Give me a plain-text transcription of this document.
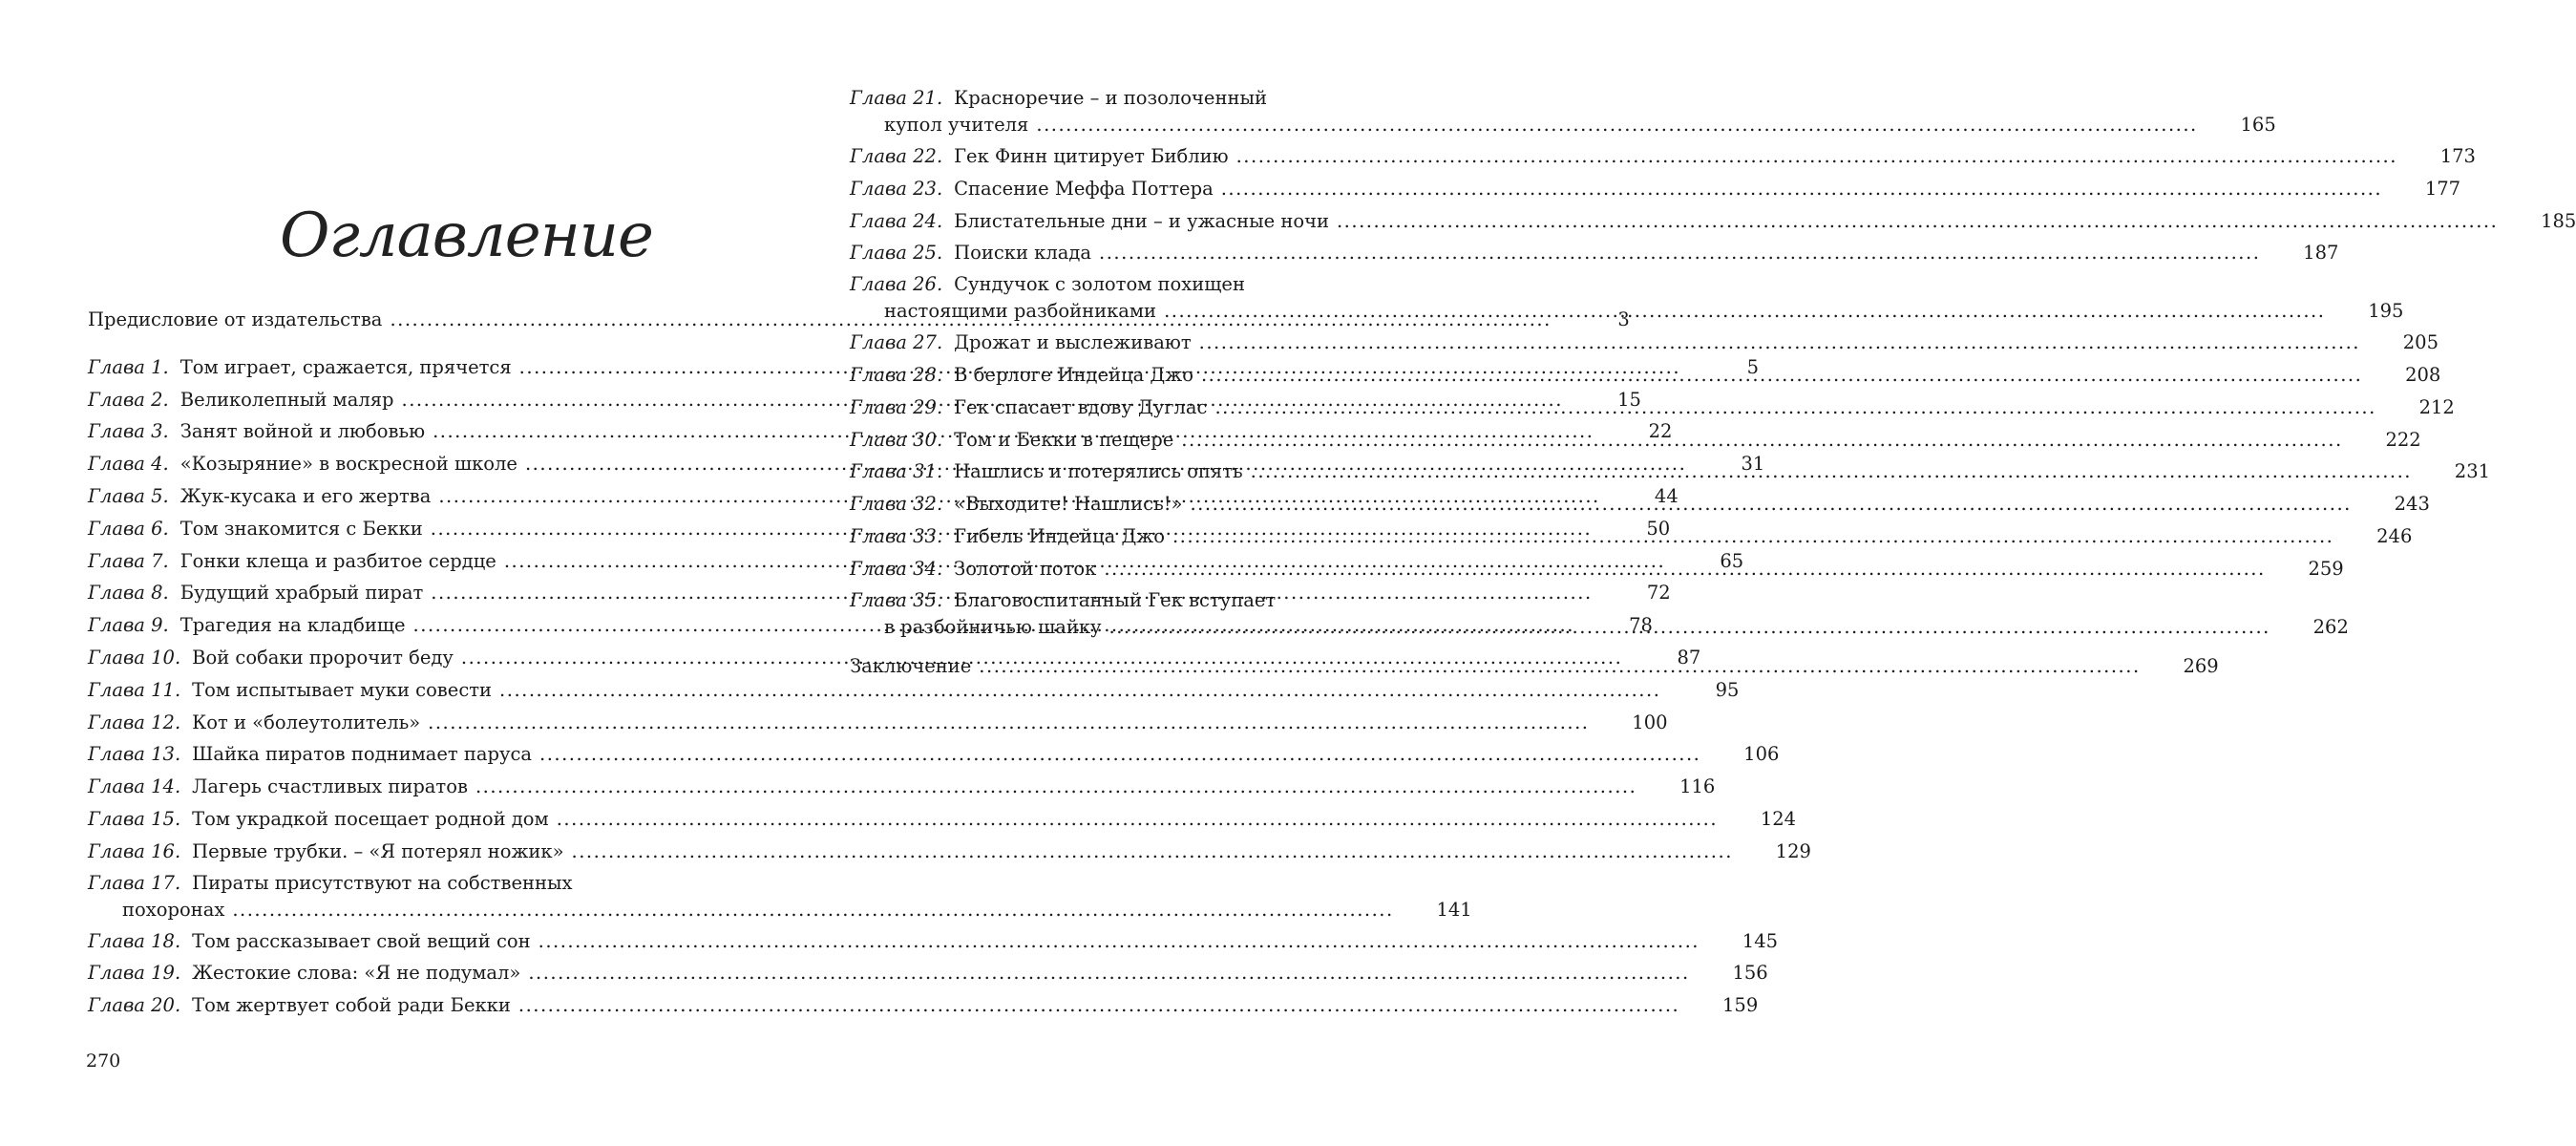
Оглавление
Предисловие от издательства .....	3
Глава 1. Том играет, сражается, прячется .....	5
Глава 2. Великолепный маляр .....	15
Глава 3. Занят войной и любовью .....	22
Глава 4. «Козыряние» в воскресной школе .....	31
Глава 5. Жук-кусака и его жертва .....	44
Глава 6. Том знакомится с Бекки .....	50
Глава 7. Гонки клеща и разбитое сердце .....	65
Глава 8. Будущий храбрый пират .....	72
Глава 9. Трагедия на кладбище .....	78
Глава 10. Вой собаки пророчит беду .....	87
Глава 11. Том испытывает муки совести .....	95
Глава 12. Кот и «болеутолитель» .....	100
Глава 13. Шайка пиратов поднимает паруса .....	106
Глава 14. Лагерь счастливых пиратов .....	116
Глава 15. Том украдкой посещает родной дом .....	124
Глава 16. Первые трубки. – «Я потерял ножик» .....	129
Глава 17. Пираты присутствуют на собственных
похоронах .....	141
Глава 18. Том рассказывает свой вещий сон .....	145
Глава 19. Жестокие слова: «Я не подумал» .....	156
Глава 20. Том жертвует собой ради Бекки .....	159

270

Глава 21. Красноречие – и позолоченный
купол учителя .....	165
Глава 22. Гек Финн цитирует Библию .....	173
Глава 23. Спасение Меффа Поттера .....	177
Глава 24. Блистательные дни – и ужасные ночи .....	185
Глава 25. Поиски клада .....	187
Глава 26. Сундучок с золотом похищен
настоящими разбойниками .....	195
Глава 27. Дрожат и выслеживают .....	205
Глава 28. В берлоге Индейца Джо .....	208
Глава 29. Гек спасает вдову Дуглас .....	212
Глава 30. Том и Бекки в пещере .....	222
Глава 31. Нашлись и потерялись опять .....	231
Глава 32. «Выходите! Нашлись!» .....	243
Глава 33. Гибель Индейца Джо .....	246
Глава 34. Золотой поток .....	259
Глава 35. Благовоспитанный Гек вступает
в разбойничью шайку .....	262
Заключение .....	269
